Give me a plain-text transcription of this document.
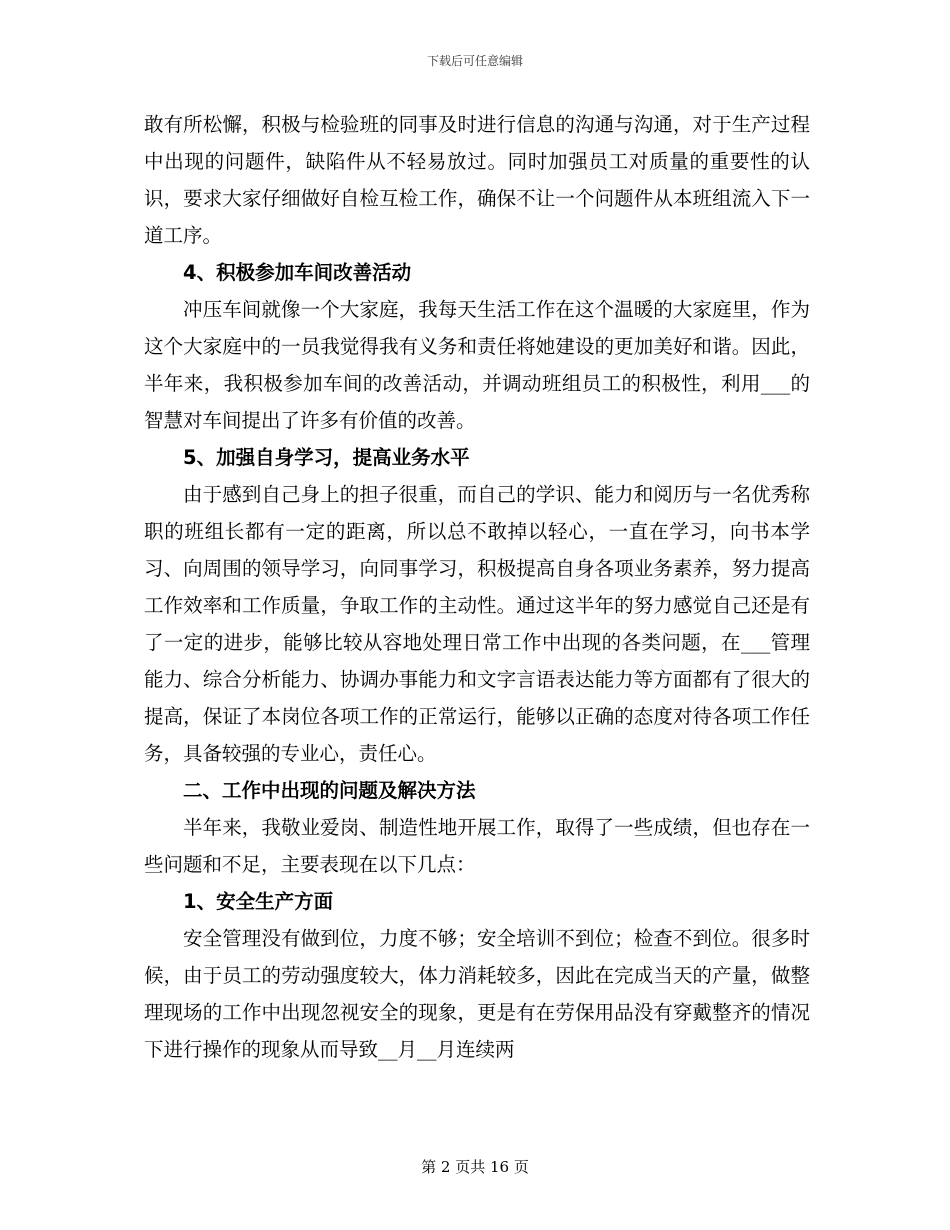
下载后可任意编辑

敢有所松懈，积极与检验班的同事及时进行信息的沟通与沟通，对于生产过程中出现的问题件，缺陷件从不轻易放过。同时加强员工对质量的重要性的认识，要求大家仔细做好自检互检工作，确保不让一个问题件从本班组流入下一道工序。

4、积极参加车间改善活动

冲压车间就像一个大家庭，我每天生活工作在这个温暖的大家庭里，作为这个大家庭中的一员我觉得我有义务和责任将她建设的更加美好和谐。因此，半年来，我积极参加车间的改善活动，并调动班组员工的积极性，利用___的智慧对车间提出了许多有价值的改善。

5、加强自身学习，提高业务水平

由于感到自己身上的担子很重，而自己的学识、能力和阅历与一名优秀称职的班组长都有一定的距离，所以总不敢掉以轻心，一直在学习，向书本学习、向周围的领导学习，向同事学习，积极提高自身各项业务素养，努力提高工作效率和工作质量，争取工作的主动性。通过这半年的努力感觉自己还是有了一定的进步，能够比较从容地处理日常工作中出现的各类问题，在___管理能力、综合分析能力、协调办事能力和文字言语表达能力等方面都有了很大的提高，保证了本岗位各项工作的正常运行，能够以正确的态度对待各项工作任务，具备较强的专业心，责任心。

二、工作中出现的问题及解决方法

半年来，我敬业爱岗、制造性地开展工作，取得了一些成绩，但也存在一些问题和不足，主要表现在以下几点：

1、安全生产方面

安全管理没有做到位，力度不够；安全培训不到位；检查不到位。很多时候，由于员工的劳动强度较大，体力消耗较多，因此在完成当天的产量，做整理现场的工作中出现忽视安全的现象，更是有在劳保用品没有穿戴整齐的情况下进行操作的现象从而导致__月__月连续两

第 2 页共 16 页
